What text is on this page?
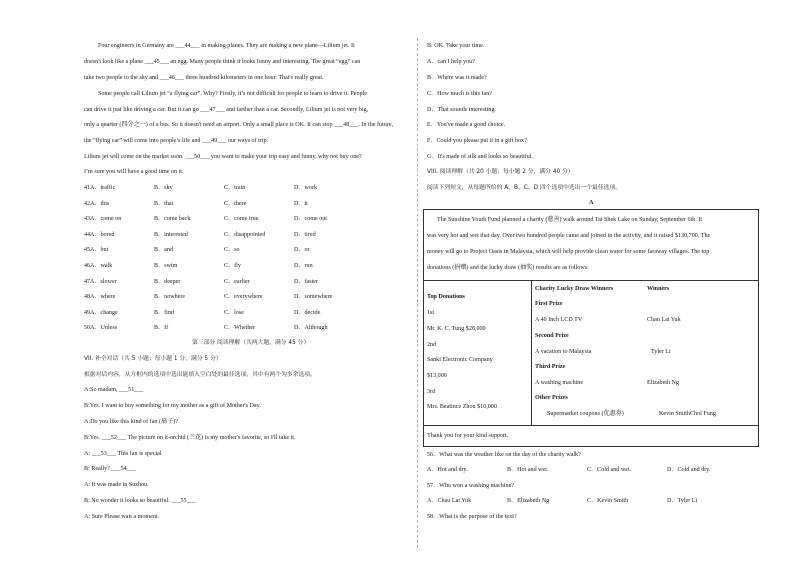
Four engineers in Germany are ___44___ in making planes. They are making a new plane—Lilium jet. It
doesn't look like a plane ___45___ an egg. Many people think it looks funny and interesting. The great “egg” can
take two people to the sky and ___46___ three hundred kilometers in one hour. That's really great.
Some people call Lilium jet “a flying car”. Why? Firstly, it’s not difficult for people to learn to drive it. People
can drive it just like driving a car. But it can go ___47___ and farther than a car. Secondly, Lilium jet is not very big,
only a quarter (四分之一) of a bus. So it doesn't need an airport. Only a small place is OK. It can stop ___48___. In the future,
the “flying car” will come into people’s life and ___49___ our ways of trip.
Lilium jet will come on the market soon. ___50___ you want to make your trip easy and funny, why not buy one?
I’m sure you will have a good time on it.
41.
A．traffic	B．sky	C．train	D．work
42.
A．this	B．that	C．there	D．it
43.
A．come on	B．come back	C．come true	D．come out
44.
A．bored	B．interested	C．disappointed	D．tired
45.
A．but	B．and	C．so	D．or
46.
A．walk	B．swim	C．fly	D．run
47.
A．slower	B．deeper	C．earlier	D．faster
48.
A．where	B．nowhere	C．everywhere	D．somewhere
49.
A．change	B．find	C．lose	D．decide
50.
A．Unless	B．If	C．Whether	D．Although
第三部分 阅读理解（共两大题，满分 45 分）
VII. 补全对话（共 5 小题；每小题 1 分，满分 5 分）
根据对话内容，从方框内的选项中选出能填入空白处的最佳选项，其中有两个为多余选项。
A:So madam, ___51___
B:Yes. I want to buy something for my mother as a gift of Mother's Day.
A:Do you like this kind of fan (扇子)?
B:Yes. ___52___ The picture on it-orchid (兰花) is my mother's favorite, so I'll take it.
A: ___53___ This fan is special
B: Really? ___54___
A: It was made in Suzhou.
B: No wonder it looks so beautiful. ___55___
A: Sure Please wait a moment.
B: OK. Take your time.
A．can I help you?
B．Where was it made?
C．How much is this fan?
D．That sounds interesting.
E．You've made a good choice.
F．Could you please put it in a gift box?
G．It's made of silk and looks so beautiful.
VIII. 阅读理解（共 20 小题；每小题 2 分，满分 40 分）
阅读下列短文，从每题所给的 A、B、C、D 四个选项中选出一个最佳选项。
A
The Sunshine Youth Fund planned a charity (慈善) walk around Tai Shek Lake on Sunday, September 6th. It
was very hot and wet that day. Over two hundred people came and joined in the activity, and it raised $130,700. The
money will go to Project Oasis in Malaysia, which will help provide clean water for some faraway villages. The top
donations (捐赠) and the lucky draw (抽奖) results are as follows:
Top Donations
1st
Mr. K. C. Tung $28,000
2nd
Sanki Electronic Company
$13,000
3rd
Mrs. Beatince Zhou $10,000
Charity Lucky Draw Winners	Winners
First Prize
A 40 Inch LCD TV	Chau Lai Yuk
Second Prize
A vacation to Malaysia	Tyler Li
Third Prize
A washing machine	Elizabeth Ng
Other Prizes
Supermarket coupons (优惠券)	Kevin SmithChol Fung
Thank you for your kind support.
56．What was the weather like on the day of the charity walk?
A．Hot and dry.	B．Hot and wet.	C．Cold and wet.	D．Cold and dry.
57．Who won a washing machine?
A．Chau Lai Yuk	B．Elizabeth Ng	C．Kevin Smith	D．Tyler Li
58．What is the purpose of the text?
